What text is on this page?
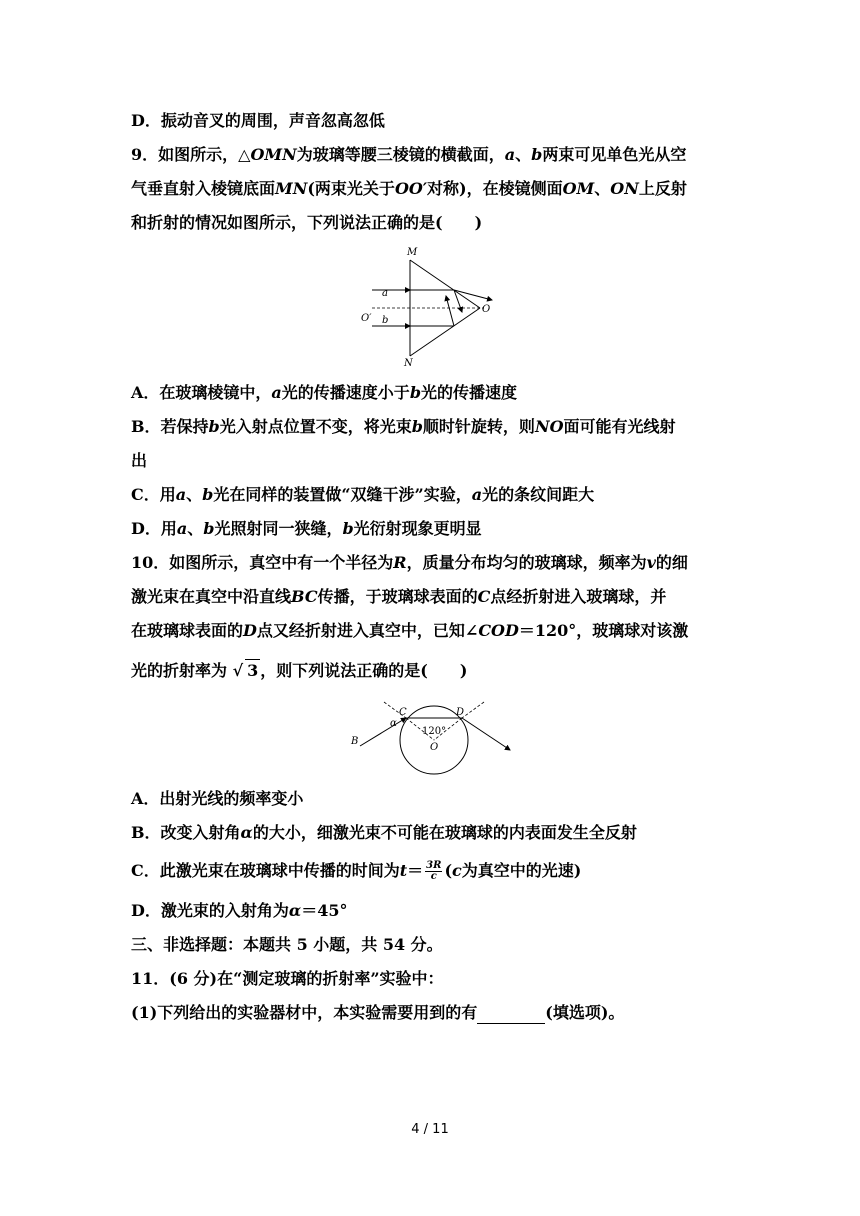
D．振动音叉的周围，声音忽高忽低
9．如图所示，△OMN为玻璃等腰三棱镜的横截面，a、b两束可见单色光从空
气垂直射入棱镜底面MN(两束光关于OO′对称)，在棱镜侧面OM、ON上反射
和折射的情况如图所示，下列说法正确的是(　　)
M
N
O
O′
a
b
A．在玻璃棱镜中，a光的传播速度小于b光的传播速度
B．若保持b光入射点位置不变，将光束b顺时针旋转，则NO面可能有光线射
出
C．用a、b光在同样的装置做“双缝干涉”实验，a光的条纹间距大
D．用a、b光照射同一狭缝，b光衍射现象更明显
10．如图所示，真空中有一个半径为R，质量分布均匀的玻璃球，频率为v的细
激光束在真空中沿直线BC传播，于玻璃球表面的C点经折射进入玻璃球，并
在玻璃球表面的D点又经折射进入真空中，已知∠COD＝120°，玻璃球对该激
光的折射率为 √ 3 ，则下列说法正确的是(　　)
B
C	D
O
α
120°
A．出射光线的频率变小
B．改变入射角α的大小，细激光束不可能在玻璃球的内表面发生全反射
C．此激光束在玻璃球中传播的时间为$t= \frac{3R}{c} (c$为真空中的光速)
D．激光束的入射角为α＝45°
三、非选择题：本题共 5 小题，共 54 分。
11．(6 分)在“测定玻璃的折射率”实验中：
(1)下列给出的实验器材中，本实验需要用到的有	(填选项)。
4 / 11
